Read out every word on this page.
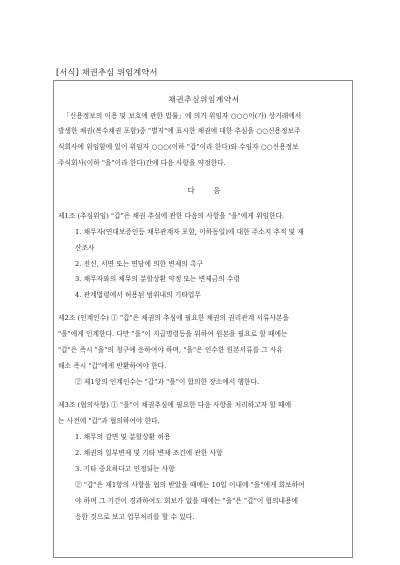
[서식] 채권추심 위임계약서
채권추심위임계약서
「신용정보의 이용 및 보호에 관한 법률」에 의거 위임자 ○○○이(가) 상거래에서
발생한 채권(복수채권 포함)중 "별지"에 표시한 채권에 대한 추심을 ○○신용정보주
식회사에 위임함에 있어 위임자 ○○○(이하 "갑"이라 한다)와 수임자 ○○신용정보
주식회사(이하 "을"이라 한다)간에 다음 사항을 약정한다.
다 음
제1조 (추심위임) "갑"은 채권 추심에 관한 다음의 사항을 "을"에게 위임한다.
1. 채무자(연대보증인등 채무관계자 포함, 이하동일)에 대한 주소지 추적 및 재
산조사
2. 전신, 서면 또는 면담에 의한 변제의 촉구
3. 채무자와의 채무의 분할상환 약정 또는 변제금의 수령
4. 관계법령에서 허용된 범위내의 기타업무
제2조 (인계인수) ① "갑"은 채권의 추심에 필요한 채권의 권리관계 서류사본을
"을"에게 인계한다. 다만 "을"이 지급명령등을 위하여 원본을 필요로 할 때에는
"갑"은 즉시 "을"의 청구에 응하여야 하며, "을"은 인수한 원본서류를 그 사유
해소 즉시 "갑"에게 반환하여야 한다.
② 제1항의 인계인수는 "갑"과 "을"이 합의한 장소에서 행한다.
제3조 (협의사항) ① "을"이 채권추심에 필요한 다음 사항을 처리하고자 할 때에
는 사전에 "갑"과 협의하여야 한다.
1. 채무의 감면 및 분할상환 허용
2. 채권의 일부변제 및 기타 변제 조건에 관한 사항
3. 기타 중요하다고 인정되는 사항
② "갑"은 제1항의 사항을 협의 받았을 때에는 10일 이내에 "을"에게 회보하여
야 하며 그 기간이 경과하여도 회보가 없을 때에는 "을"은 "갑"이 협의내용에
응한 것으로 보고 업무처리를 할 수 있다.
